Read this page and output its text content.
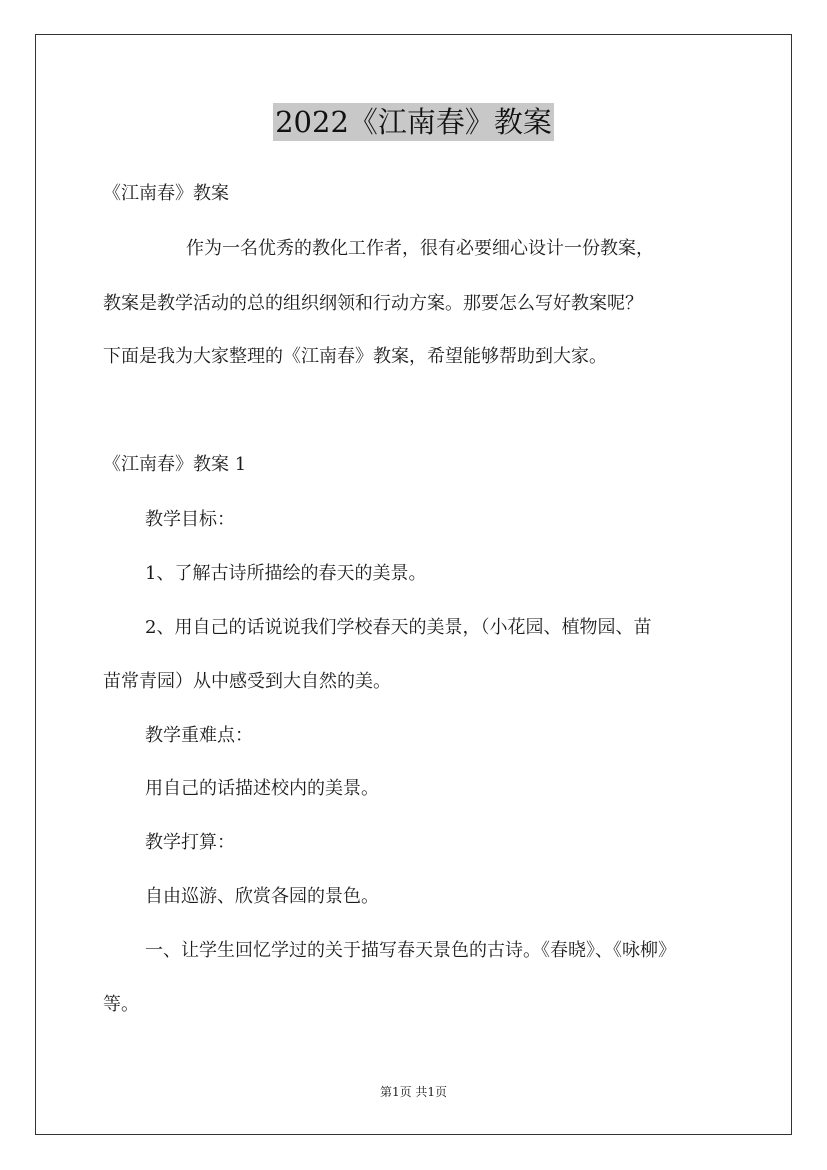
2022《江南春》教案
《江南春》教案
作为一名优秀的教化工作者，很有必要细心设计一份教案，
教案是教学活动的总的组织纲领和行动方案。那要怎么写好教案呢？
下面是我为大家整理的《江南春》教案，希望能够帮助到大家。
《江南春》教案 1
教学目标：
1、了解古诗所描绘的春天的美景。
2、用自己的话说说我们学校春天的美景，（小花园、植物园、苗
苗常青园）从中感受到大自然的美。
教学重难点：
用自己的话描述校内的美景。
教学打算：
自由巡游、欣赏各园的景色。
一、让学生回忆学过的关于描写春天景色的古诗。《春晓》、《咏柳》
等。
第1页 共1页
